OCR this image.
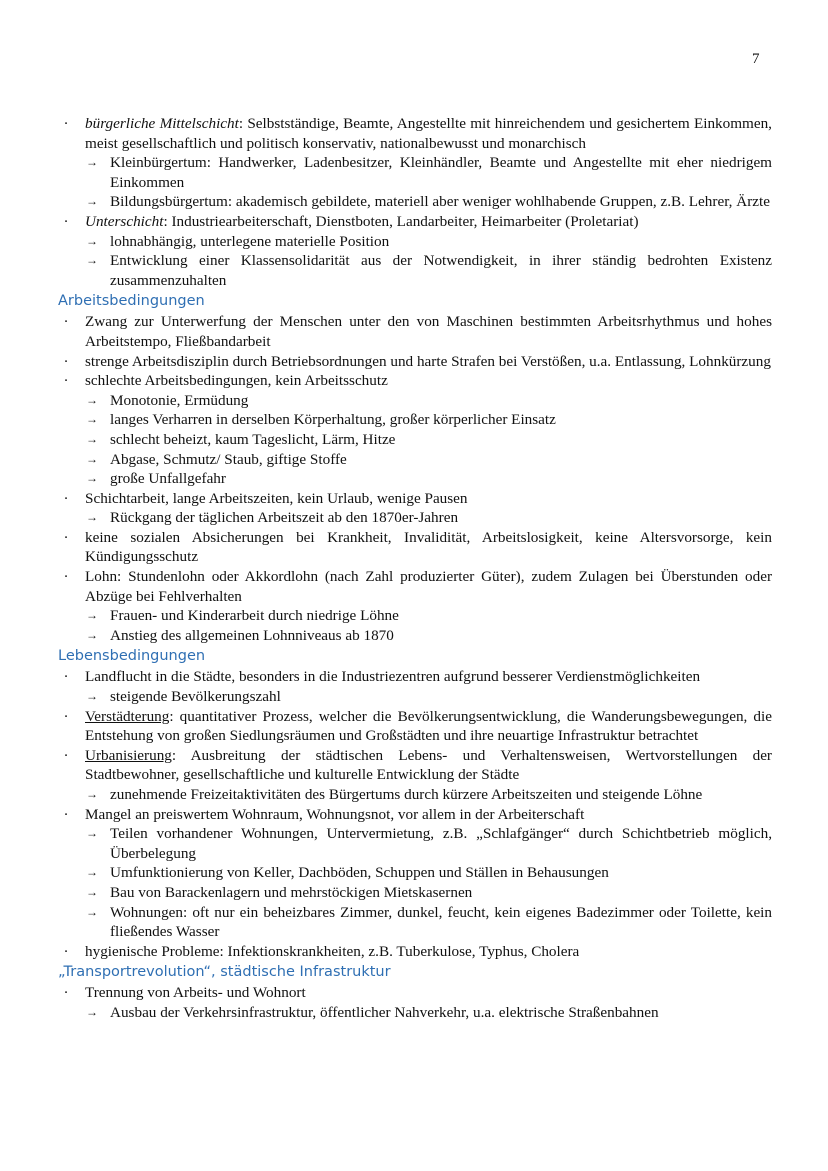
7
·	bürgerliche Mittelschicht: Selbstständige, Beamte, Angestellte mit hinreichendem und gesichertem Einkommen, meist gesellschaftlich und politisch konservativ, nationalbewusst und monarchisch
→ Kleinbürgertum: Handwerker, Ladenbesitzer, Kleinhändler, Beamte und Angestellte mit eher niedrigem Einkommen
→ Bildungsbürgertum: akademisch gebildete, materiell aber weniger wohlhabende Gruppen, z.B. Lehrer, Ärzte
·	Unterschicht: Industriearbeiterschaft, Dienstboten, Landarbeiter, Heimarbeiter (Proletariat)
→ lohnabhängig, unterlegene materielle Position
→ Entwicklung einer Klassensolidarität aus der Notwendigkeit, in ihrer ständig bedrohten Existenz zusammenzuhalten
Arbeitsbedingungen
·	Zwang zur Unterwerfung der Menschen unter den von Maschinen bestimmten Arbeitsrhythmus und hohes Arbeitstempo, Fließbandarbeit
·	strenge Arbeitsdisziplin durch Betriebsordnungen und harte Strafen bei Verstößen, u.a. Entlassung, Lohnkürzung
·	schlechte Arbeitsbedingungen, kein Arbeitsschutz
→ Monotonie, Ermüdung
→ langes Verharren in derselben Körperhaltung, großer körperlicher Einsatz
→ schlecht beheizt, kaum Tageslicht, Lärm, Hitze
→ Abgase, Schmutz/ Staub, giftige Stoffe
→ große Unfallgefahr
·	Schichtarbeit, lange Arbeitszeiten, kein Urlaub, wenige Pausen
→ Rückgang der täglichen Arbeitszeit ab den 1870er-Jahren
·	keine sozialen Absicherungen bei Krankheit, Invalidität, Arbeitslosigkeit, keine Altersvorsorge, kein Kündigungsschutz
·	Lohn: Stundenlohn oder Akkordlohn (nach Zahl produzierter Güter), zudem Zulagen bei Überstunden oder Abzüge bei Fehlverhalten
→ Frauen- und Kinderarbeit durch niedrige Löhne
→ Anstieg des allgemeinen Lohnniveaus ab 1870
Lebensbedingungen
·	Landflucht in die Städte, besonders in die Industriezentren aufgrund besserer Verdienstmöglichkeiten
→ steigende Bevölkerungszahl
·	Verstädterung: quantitativer Prozess, welcher die Bevölkerungsentwicklung, die Wanderungsbewegungen, die Entstehung von großen Siedlungsräumen und Großstädten und ihre neuartige Infrastruktur betrachtet
·	Urbanisierung: Ausbreitung der städtischen Lebens- und Verhaltensweisen, Wertvorstellungen der Stadtbewohner, gesellschaftliche und kulturelle Entwicklung der Städte
→ zunehmende Freizeitaktivitäten des Bürgertums durch kürzere Arbeitszeiten und steigende Löhne
·	Mangel an preiswertem Wohnraum, Wohnungsnot, vor allem in der Arbeiterschaft
→ Teilen vorhandener Wohnungen, Untervermietung, z.B. „Schlafgänger“ durch Schichtbetrieb möglich, Überbelegung
→ Umfunktionierung von Keller, Dachböden, Schuppen und Ställen in Behausungen
→ Bau von Barackenlagern und mehrstöckigen Mietskasernen
→ Wohnungen: oft nur ein beheizbares Zimmer, dunkel, feucht, kein eigenes Badezimmer oder Toilette, kein fließendes Wasser
·	hygienische Probleme: Infektionskrankheiten, z.B. Tuberkulose, Typhus, Cholera
„Transportrevolution“, städtische Infrastruktur
·	Trennung von Arbeits- und Wohnort
→ Ausbau der Verkehrsinfrastruktur, öffentlicher Nahverkehr, u.a. elektrische Straßenbahnen
